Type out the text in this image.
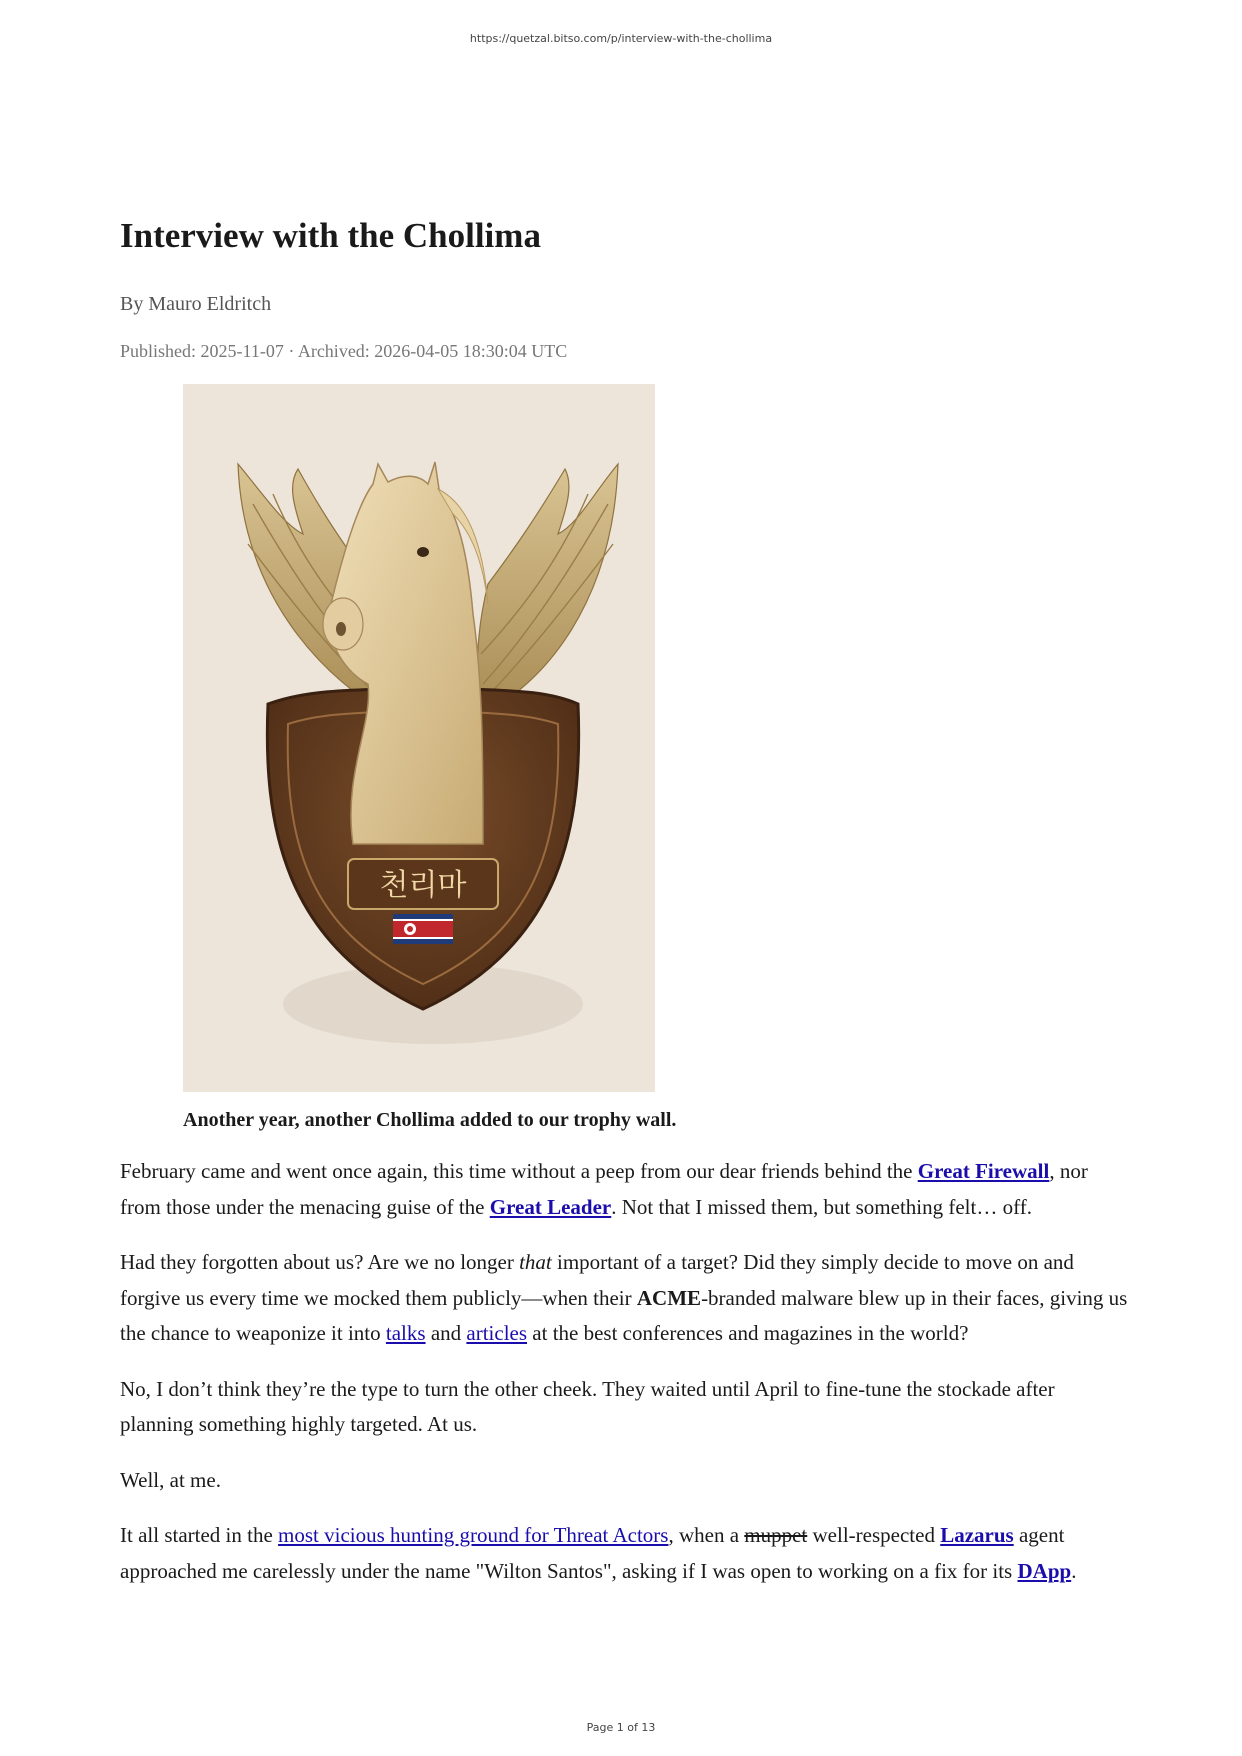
https://quetzal.bitso.com/p/interview-with-the-chollima
Interview with the Chollima
By Mauro Eldritch
Published: 2025-11-07 · Archived: 2026-04-05 18:30:04 UTC
천리마
Another year, another Chollima added to our trophy wall.

February came and went once again, this time without a peep from our dear friends behind the Great Firewall, nor from those under the menacing guise of the Great Leader. Not that I missed them, but something felt… off.

Had they forgotten about us? Are we no longer that important of a target? Did they simply decide to move on and forgive us every time we mocked them publicly—when their ACME-branded malware blew up in their faces, giving us the chance to weaponize it into talks and articles at the best conferences and magazines in the world?

No, I don’t think they’re the type to turn the other cheek. They waited until April to fine-tune the stockade after planning something highly targeted. At us.

Well, at me.

It all started in the most vicious hunting ground for Threat Actors, when a muppet well-respected Lazarus agent approached me carelessly under the name "Wilton Santos", asking if I was open to working on a fix for its DApp.

Page 1 of 13
